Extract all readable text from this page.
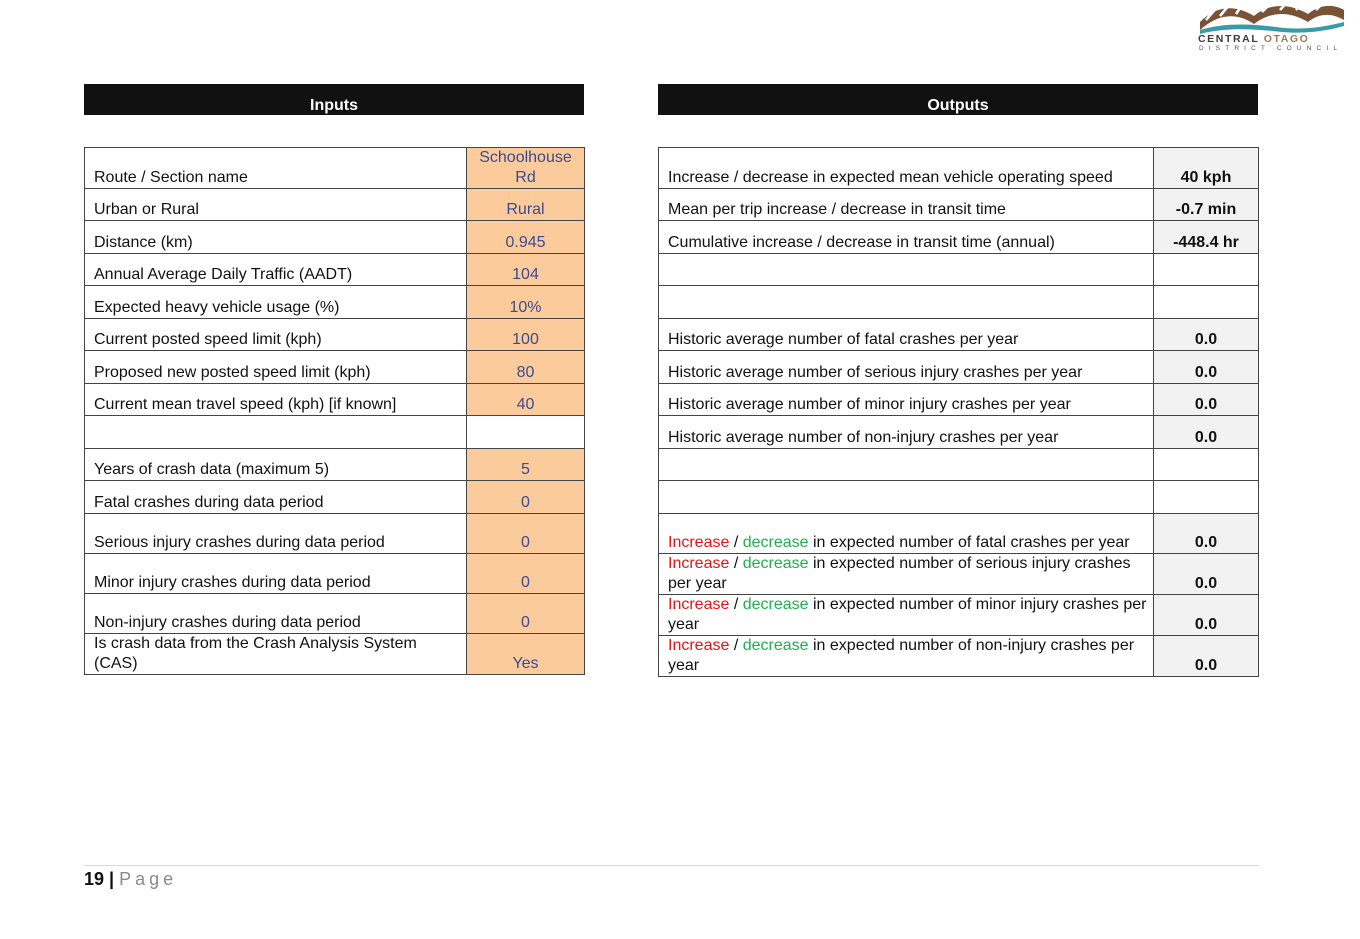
CENTRAL OTAGO
DISTRICT COUNCIL
Inputs	Outputs
Route / Section name	Schoolhouse Rd
Urban or Rural	Rural
Distance (km)	0.945
Annual Average Daily Traffic (AADT)	104
Expected heavy vehicle usage (%)	10%
Current posted speed limit (kph)	100
Proposed new posted speed limit (kph)	80
Current mean travel speed (kph) [if known]	40

Years of crash data (maximum 5)	5
Fatal crashes during data period	0
Serious injury crashes during data period	0
Minor injury crashes during data period	0
Non-injury crashes during data period	0
Is crash data from the Crash Analysis System (CAS)	Yes
Increase / decrease in expected mean vehicle operating speed	40 kph
Mean per trip increase / decrease in transit time	-0.7 min
Cumulative increase / decrease in transit time (annual)	-448.4 hr

Historic average number of fatal crashes per year	0.0
Historic average number of serious injury crashes per year	0.0
Historic average number of minor injury crashes per year	0.0
Historic average number of non-injury crashes per year	0.0

Increase / decrease in expected number of fatal crashes per year	0.0
Increase / decrease in expected number of serious injury crashes per year	0.0
Increase / decrease in expected number of minor injury crashes per year	0.0
Increase / decrease in expected number of non-injury crashes per year	0.0
19 | Page
